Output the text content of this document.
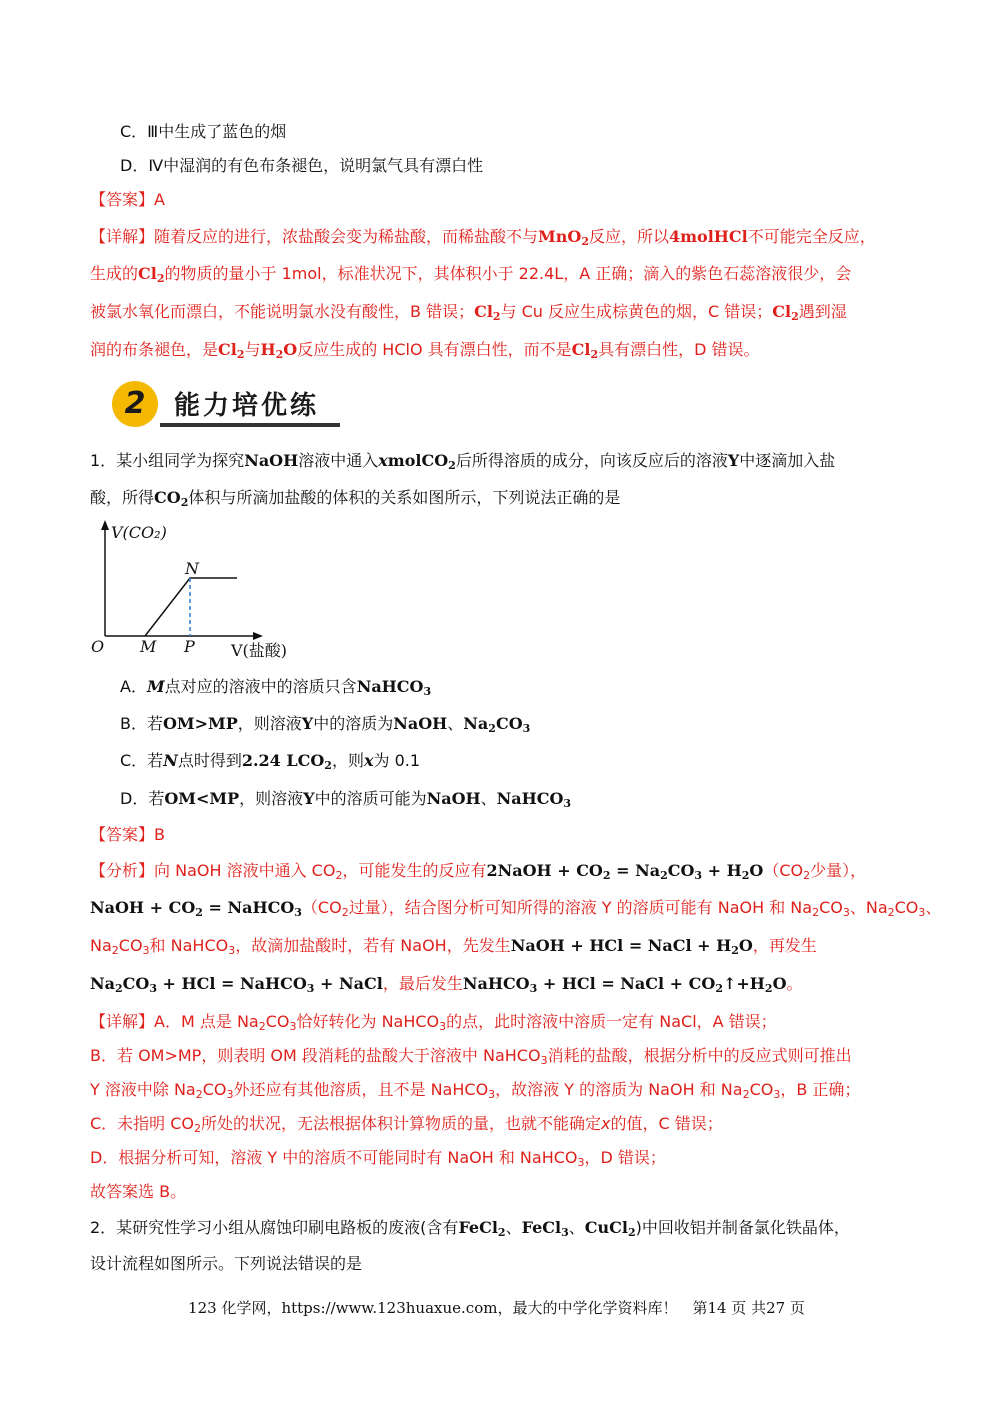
C．Ⅲ中生成了蓝色的烟
D．Ⅳ中湿润的有色布条褪色，说明氯气具有漂白性
【答案】A
【详解】随着反应的进行，浓盐酸会变为稀盐酸，而稀盐酸不与MnO$_2$反应，所以4molHCl不可能完全反应，
生成的$Cl_2$的物质的量小于 1mol，标准状况下，其体积小于 22.4L，A 正确；滴入的紫色石蕊溶液很少，会
被氯水氧化而漂白，不能说明氯水没有酸性，B 错误；$Cl_2$与 Cu 反应生成棕黄色的烟，C 错误；$Cl_2$遇到湿
润的布条褪色，是$Cl_2$与$H_2O$反应生成的 HClO 具有漂白性，而不是$Cl_2$具有漂白性，D 错误。
2	能力培优练
1．某小组同学为探究NaOH溶液中通入xmolCO$_2$后所得溶质的成分，向该反应后的溶液Y中逐滴加入盐
酸，所得$CO_2$体积与所滴加盐酸的体积的关系如图所示，下列说法正确的是
V(CO₂)
V(盐酸)
O M P
N
A．M点对应的溶液中的溶质只含NaHCO$_3$
B．若OM>MP，则溶液Y中的溶质为NaOH、$Na_2CO_3$
C．若N点时得到2.24 $LCO_2$，则x为 0.1
D．若OM<MP，则溶液Y中的溶质可能为NaOH、NaHCO$_3$
【答案】B
【分析】向 NaOH 溶液中通入 $CO_2$，可能发生的反应有2NaOH + $CO_2 = Na_2CO_3 + H_2O(CO_2$少量），
NaOH + $CO_2$ = $NaHCO_3(CO_2$过量），结合图分析可知所得的溶液 Y 的溶质可能有 NaOH 和 $Na_2CO_3$、$Na_2CO_3$、
$Na_2CO_3$和 NaHCO$_3$，故滴加盐酸时，若有 NaOH，先发生NaOH + HCl = NaCl + $H_2O$，再发生
$Na_2CO_3$ + HCl = NaHCO$_3$ + NaCl，最后发生NaHCO$_3$ + HCl = NaCl + $CO_2↑+H_2O$。
【详解】A．M 点是 $Na_2CO_3$恰好转化为 NaHCO$_3$的点，此时溶液中溶质一定有 NaCl，A 错误；
B．若 OM>MP，则表明 OM 段消耗的盐酸大于溶液中 NaHCO$_3$消耗的盐酸，根据分析中的反应式则可推出
Y 溶液中除 $Na_2CO_3$外还应有其他溶质，且不是 NaHCO$_3$，故溶液 Y 的溶质为 NaOH 和 $Na_2CO_3$，B 正确；
C．未指明 $CO_2$所处的状况，无法根据体积计算物质的量，也就不能确定x的值，C 错误；
D．根据分析可知，溶液 Y 中的溶质不可能同时有 NaOH 和 NaHCO$_3$，D 错误；
故答案选 B。
2．某研究性学习小组从腐蚀印刷电路板的废液(含有FeCl$_2$、FeCl$_3$、CuCl$_2$)中回收铝并制备氯化铁晶体，
设计流程如图所示。下列说法错误的是
123 化学网，https://www.123huaxue.com，最大的中学化学资料库！　第14 页 共27 页
